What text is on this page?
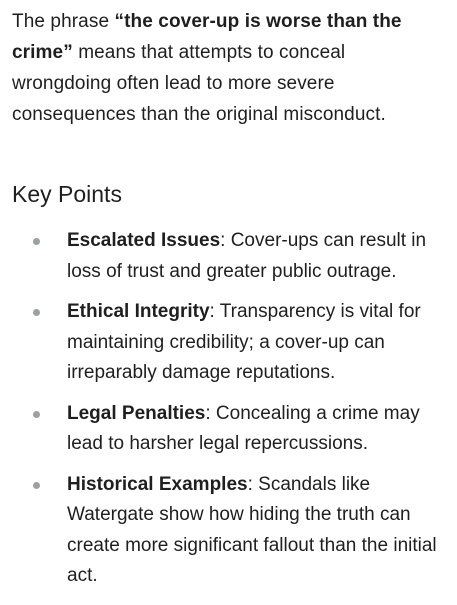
The phrase “the cover-up is worse than the crime” means that attempts to conceal wrongdoing often lead to more severe consequences than the original misconduct.

Key Points
Escalated Issues: Cover-ups can result in loss of trust and greater public outrage.
Ethical Integrity: Transparency is vital for maintaining credibility; a cover-up can irreparably damage reputations.
Legal Penalties: Concealing a crime may lead to harsher legal repercussions.
Historical Examples: Scandals like Watergate show how hiding the truth can create more significant fallout than the initial act.
